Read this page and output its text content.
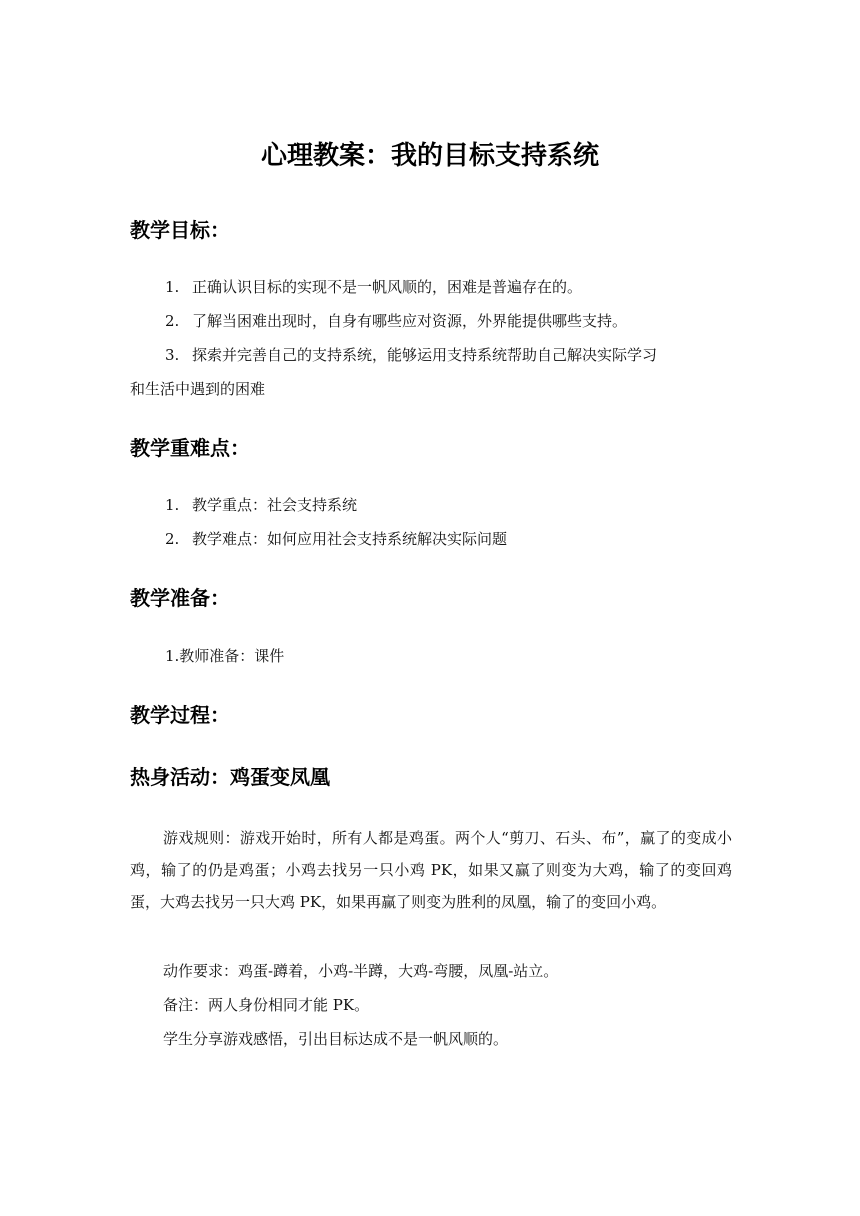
心理教案：我的目标支持系统
教学目标：
1. 正确认识目标的实现不是一帆风顺的，困难是普遍存在的。
2. 了解当困难出现时，自身有哪些应对资源，外界能提供哪些支持。
3. 探索并完善自己的支持系统，能够运用支持系统帮助自己解决实际学习
和生活中遇到的困难
教学重难点：
1. 教学重点：社会支持系统
2. 教学难点：如何应用社会支持系统解决实际问题
教学准备：
1.教师准备：课件
教学过程：
热身活动：鸡蛋变凤凰
游戏规则：游戏开始时，所有人都是鸡蛋。两个人“剪刀、石头、布”，赢了的变成小鸡，输了的仍是鸡蛋；小鸡去找另一只小鸡 PK，如果又赢了则变为大鸡，输了的变回鸡蛋，大鸡去找另一只大鸡 PK，如果再赢了则变为胜利的凤凰，输了的变回小鸡。
动作要求：鸡蛋-蹲着，小鸡-半蹲，大鸡-弯腰，凤凰-站立。
备注：两人身份相同才能 PK。
学生分享游戏感悟，引出目标达成不是一帆风顺的。
